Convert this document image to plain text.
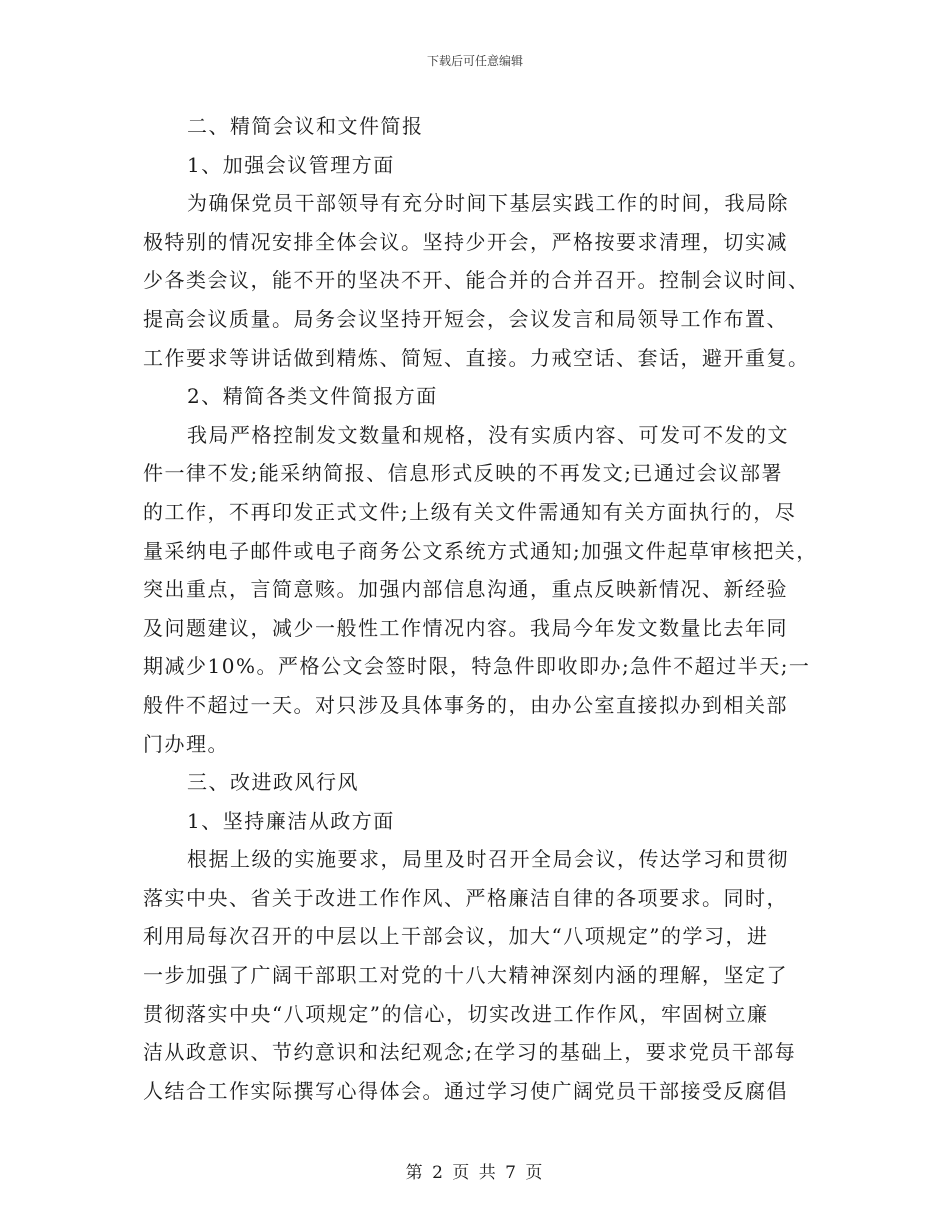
下载后可任意编辑
二、精简会议和文件简报
1、加强会议管理方面
为确保党员干部领导有充分时间下基层实践工作的时间，我局除
极特别的情况安排全体会议。坚持少开会，严格按要求清理，切实减
少各类会议，能不开的坚决不开、能合并的合并召开。控制会议时间、
提高会议质量。局务会议坚持开短会，会议发言和局领导工作布置、
工作要求等讲话做到精炼、简短、直接。力戒空话、套话，避开重复。
2、精简各类文件简报方面
我局严格控制发文数量和规格，没有实质内容、可发可不发的文
件一律不发;能采纳简报、信息形式反映的不再发文;已通过会议部署
的工作，不再印发正式文件;上级有关文件需通知有关方面执行的，尽
量采纳电子邮件或电子商务公文系统方式通知;加强文件起草审核把关，
突出重点，言简意赅。加强内部信息沟通，重点反映新情况、新经验
及问题建议，减少一般性工作情况内容。我局今年发文数量比去年同
期减少10%。严格公文会签时限，特急件即收即办;急件不超过半天;一
般件不超过一天。对只涉及具体事务的，由办公室直接拟办到相关部
门办理。
三、改进政风行风
1、坚持廉洁从政方面
根据上级的实施要求，局里及时召开全局会议，传达学习和贯彻
落实中央、省关于改进工作作风、严格廉洁自律的各项要求。同时，
利用局每次召开的中层以上干部会议，加大“八项规定”的学习，进
一步加强了广阔干部职工对党的十八大精神深刻内涵的理解，坚定了
贯彻落实中央“八项规定”的信心，切实改进工作作风，牢固树立廉
洁从政意识、节约意识和法纪观念;在学习的基础上，要求党员干部每
人结合工作实际撰写心得体会。通过学习使广阔党员干部接受反腐倡
第 2 页 共 7 页
